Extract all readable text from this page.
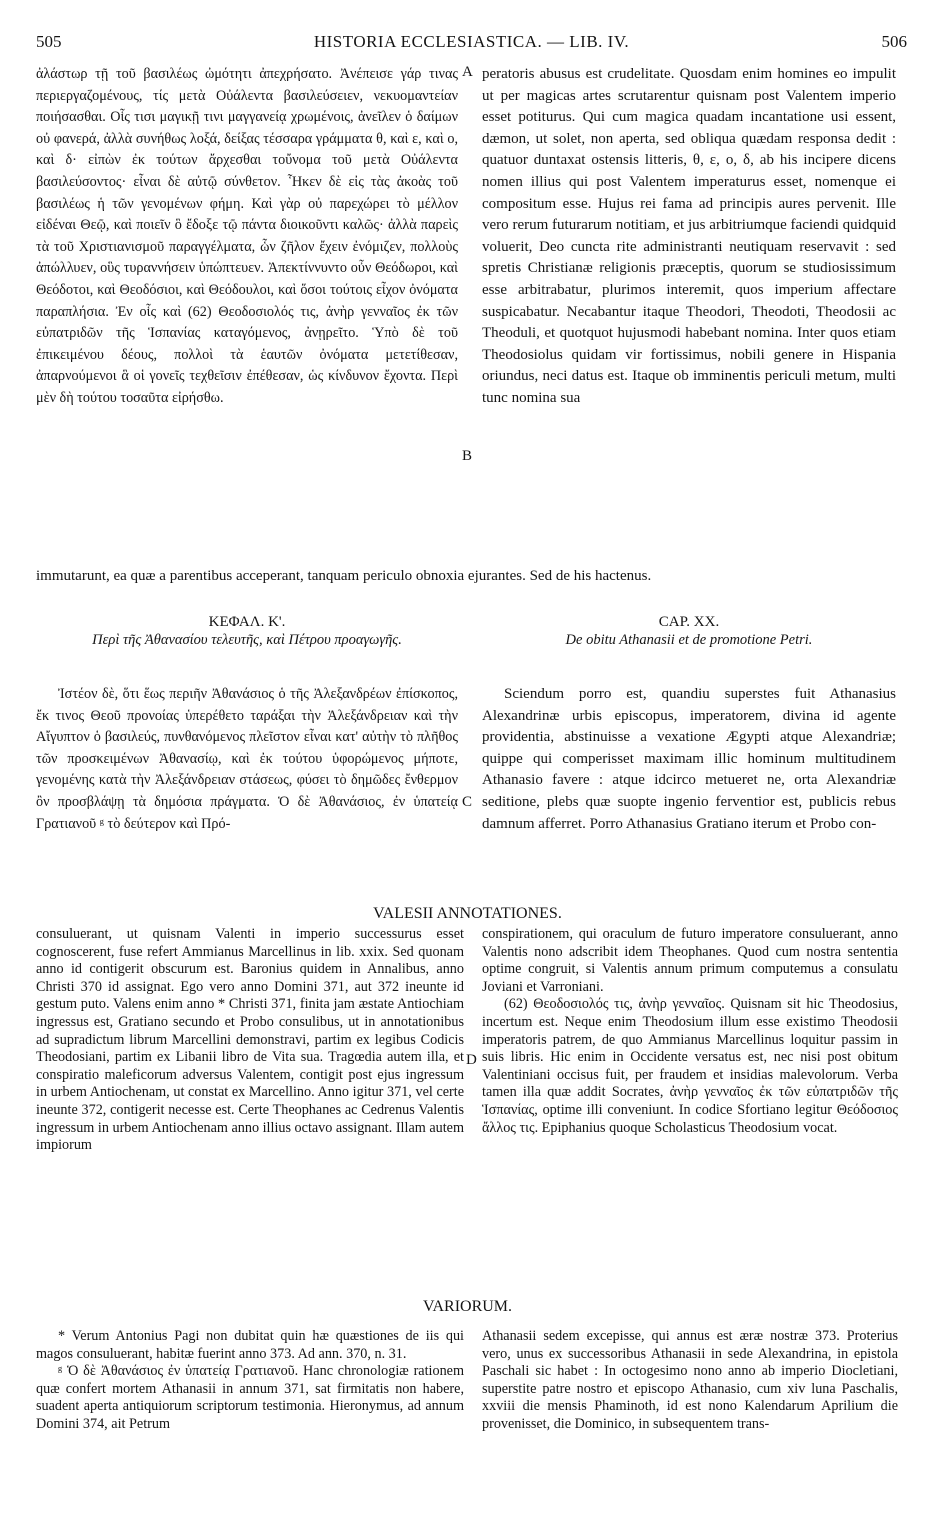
505	HISTORIA ECCLESIASTICA. — LIB. IV.	506

ἀλάστωρ τῇ τοῦ βασιλέως ὠμότητι ἀπεχρήσατο. Ἀνέπεισε γάρ τινας περιεργαζομένους, τίς μετὰ Οὐάλεντα βασιλεύσειεν, νεκυομαντείαν ποιήσασθαι. Οἷς τισι μαγικῇ τινι μαγγανείᾳ χρωμένοις, ἀνεῖλεν ὁ δαίμων οὐ φανερά, ἀλλὰ συνήθως λοξά, δείξας τέσσαρα γράμματα θ, καὶ ε, καὶ ο, καὶ δ· εἰπὼν ἐκ τούτων ἄρχεσθαι τοὔνομα τοῦ μετὰ Οὐάλεντα βασιλεύσοντος· εἶναι δὲ αὐτῷ σύνθετον. Ἧκεν δὲ εἰς τὰς ἀκοὰς τοῦ βασιλέως ἡ τῶν γενομένων φήμη. Καὶ γὰρ οὐ παρεχώρει τὸ μέλλον εἰδέναι Θεῷ, καὶ ποιεῖν ὃ ἔδοξε τῷ πάντα διοικοῦντι καλῶς· ἀλλὰ παρεὶς τὰ τοῦ Χριστιανισμοῦ παραγγέλματα, ὧν ζῆλον ἔχειν ἐνόμιζεν, πολλοὺς ἀπώλλυεν, οὓς τυραννήσειν ὑπώπτευεν. Ἀπεκτίννυντο οὖν Θεόδωροι, καὶ Θεόδοτοι, καὶ Θεοδόσιοι, καὶ Θεόδουλοι, καὶ ὅσοι τούτοις εἶχον ὀνόματα παραπλήσια. Ἐν οἷς καὶ (62) Θεοδοσιολός τις, ἀνὴρ γενναῖος ἐκ τῶν εὐπατριδῶν τῆς Ἱσπανίας καταγόμενος, ἀνῃρεῖτο. Ὑπὸ δὲ τοῦ ἐπικειμένου δέους, πολλοὶ τὰ ἑαυτῶν ὀνόματα μετετίθεσαν, ἀπαρνούμενοι ἃ οἱ γονεῖς τεχθεῖσιν ἐπέθεσαν, ὡς κίνδυνον ἔχοντα. Περὶ μὲν δὴ τούτου τοσαῦτα εἰρήσθω.

peratoris abusus est crudelitate. Quosdam enim homines eo impulit ut per magicas artes scrutarentur quisnam post Valentem imperio esset potiturus. Qui cum magica quadam incantatione usi essent, dæmon, ut solet, non aperta, sed obliqua quædam responsa dedit : quatuor duntaxat ostensis litteris, θ, ε, ο, δ, ab his incipere dicens nomen illius qui post Valentem imperaturus esset, nomenque ei compositum esse. Hujus rei fama ad principis aures pervenit. Ille vero rerum futurarum notitiam, et jus arbitriumque faciendi quidquid voluerit, Deo cuncta rite administranti neutiquam reservavit : sed spretis Christianæ religionis præceptis, quorum se studiosissimum esse arbitrabatur, plurimos interemit, quos imperium affectare suspicabatur. Necabantur itaque Theodori, Theodoti, Theodosii ac Theoduli, et quotquot hujusmodi habebant nomina. Inter quos etiam Theodosiolus quidam vir fortissimus, nobili genere in Hispania oriundus, neci datus est. Itaque ob imminentis periculi metum, multi tunc nomina sua

A
B

immutarunt, ea quæ a parentibus acceperant, tanquam periculo obnoxia ejurantes. Sed de his hactenus.

ΚΕΦΑΛ. Κ'.
Περὶ τῆς Ἀθανασίου τελευτῆς, καὶ Πέτρου προαγωγῆς.
CAP. XX.
De obitu Athanasii et de promotione Petri.

Ἰστέον δὲ, ὅτι ἕως περιῆν Ἀθανάσιος ὁ τῆς Ἀλεξανδρέων ἐπίσκοπος, ἔκ τινος Θεοῦ προνοίας ὑπερέθετο ταράξαι τὴν Ἀλεξάνδρειαν καὶ τὴν Αἴγυπτον ὁ βασιλεύς, πυνθανόμενος πλεῖστον εἶναι κατ' αὐτὴν τὸ πλῆθος τῶν προσκειμένων Ἀθανασίῳ, καὶ ἐκ τούτου ὑφορώμενος μήποτε, γενομένης κατὰ τὴν Ἀλεξάνδρειαν στάσεως, φύσει τὸ δημῶδες ἔνθερμον ὂν προσβλάψῃ τὰ δημόσια πράγματα. Ὁ δὲ Ἀθανάσιος, ἐν ὑπατείᾳ Γρατιανοῦ ᵍ τὸ δεύτερον καὶ Πρό-

Sciendum porro est, quandiu superstes fuit Athanasius Alexandrinæ urbis episcopus, imperatorem, divina id agente providentia, abstinuisse a vexatione Ægypti atque Alexandriæ; quippe qui comperisset maximam illic hominum multitudinem Athanasio favere : atque idcirco metueret ne, orta Alexandriæ seditione, plebs quæ suopte ingenio ferventior est, publicis rebus damnum afferret. Porro Athanasius Gratiano iterum et Probo con-

C
VALESII ANNOTATIONES.

consuluerant, ut quisnam Valenti in imperio successurus esset cognoscerent, fuse refert Ammianus Marcellinus in lib. xxix. Sed quonam anno id contigerit obscurum est. Baronius quidem in Annalibus, anno Christi 370 id assignat. Ego vero anno Domini 371, aut 372 ineunte id gestum puto. Valens enim anno * Christi 371, finita jam æstate Antiochiam ingressus est, Gratiano secundo et Probo consulibus, ut in annotationibus ad supradictum librum Marcellini demonstravi, partim ex legibus Codicis Theodosiani, partim ex Libanii libro de Vita sua. Tragœdia autem illa, et conspiratio maleficorum adversus Valentem, contigit post ejus ingressum in urbem Antiochenam, ut constat ex Marcellino. Anno igitur 371, vel certe ineunte 372, contigerit necesse est. Certe Theophanes ac Cedrenus Valentis ingressum in urbem Antiochenam anno illius octavo assignant. Illam autem impiorum

D

conspirationem, qui oraculum de futuro imperatore consuluerant, anno Valentis nono adscribit idem Theophanes. Quod cum nostra sententia optime congruit, si Valentis annum primum computemus a consulatu Joviani et Varroniani.

(62) Θεοδοσιολός τις, ἀνὴρ γενναῖος. Quisnam sit hic Theodosius, incertum est. Neque enim Theodosium illum esse existimo Theodosii imperatoris patrem, de quo Ammianus Marcellinus loquitur passim in suis libris. Hic enim in Occidente versatus est, nec nisi post obitum Valentiniani occisus fuit, per fraudem et insidias malevolorum. Verba tamen illa quæ addit Socrates, ἀνὴρ γενναῖος ἐκ τῶν εὐπατριδῶν τῆς Ἱσπανίας, optime illi conveniunt. In codice Sfortiano legitur Θεόδοσιος ἄλλος τις. Epiphanius quoque Scholasticus Theodosium vocat.

VARIORUM.

* Verum Antonius Pagi non dubitat quin hæ quæstiones de iis qui magos consuluerant, habitæ fuerint anno 373. Ad ann. 370, n. 31.

ᵍ Ὁ δὲ Ἀθανάσιος ἐν ὑπατείᾳ Γρατιανοῦ. Hanc chronologiæ rationem quæ confert mortem Athanasii in annum 371, sat firmitatis non habere, suadent aperta antiquiorum scriptorum testimonia. Hieronymus, ad annum Domini 374, ait Petrum

Athanasii sedem excepisse, qui annus est æræ nostræ 373. Proterius vero, unus ex successoribus Athanasii in sede Alexandrina, in epistola Paschali sic habet : In octogesimo nono anno ab imperio Diocletiani, superstite patre nostro et episcopo Athanasio, cum xiv luna Paschalis, xxviii die mensis Phaminoth, id est nono Kalendarum Aprilium die provenisset, die Dominico, in subsequentem trans-
